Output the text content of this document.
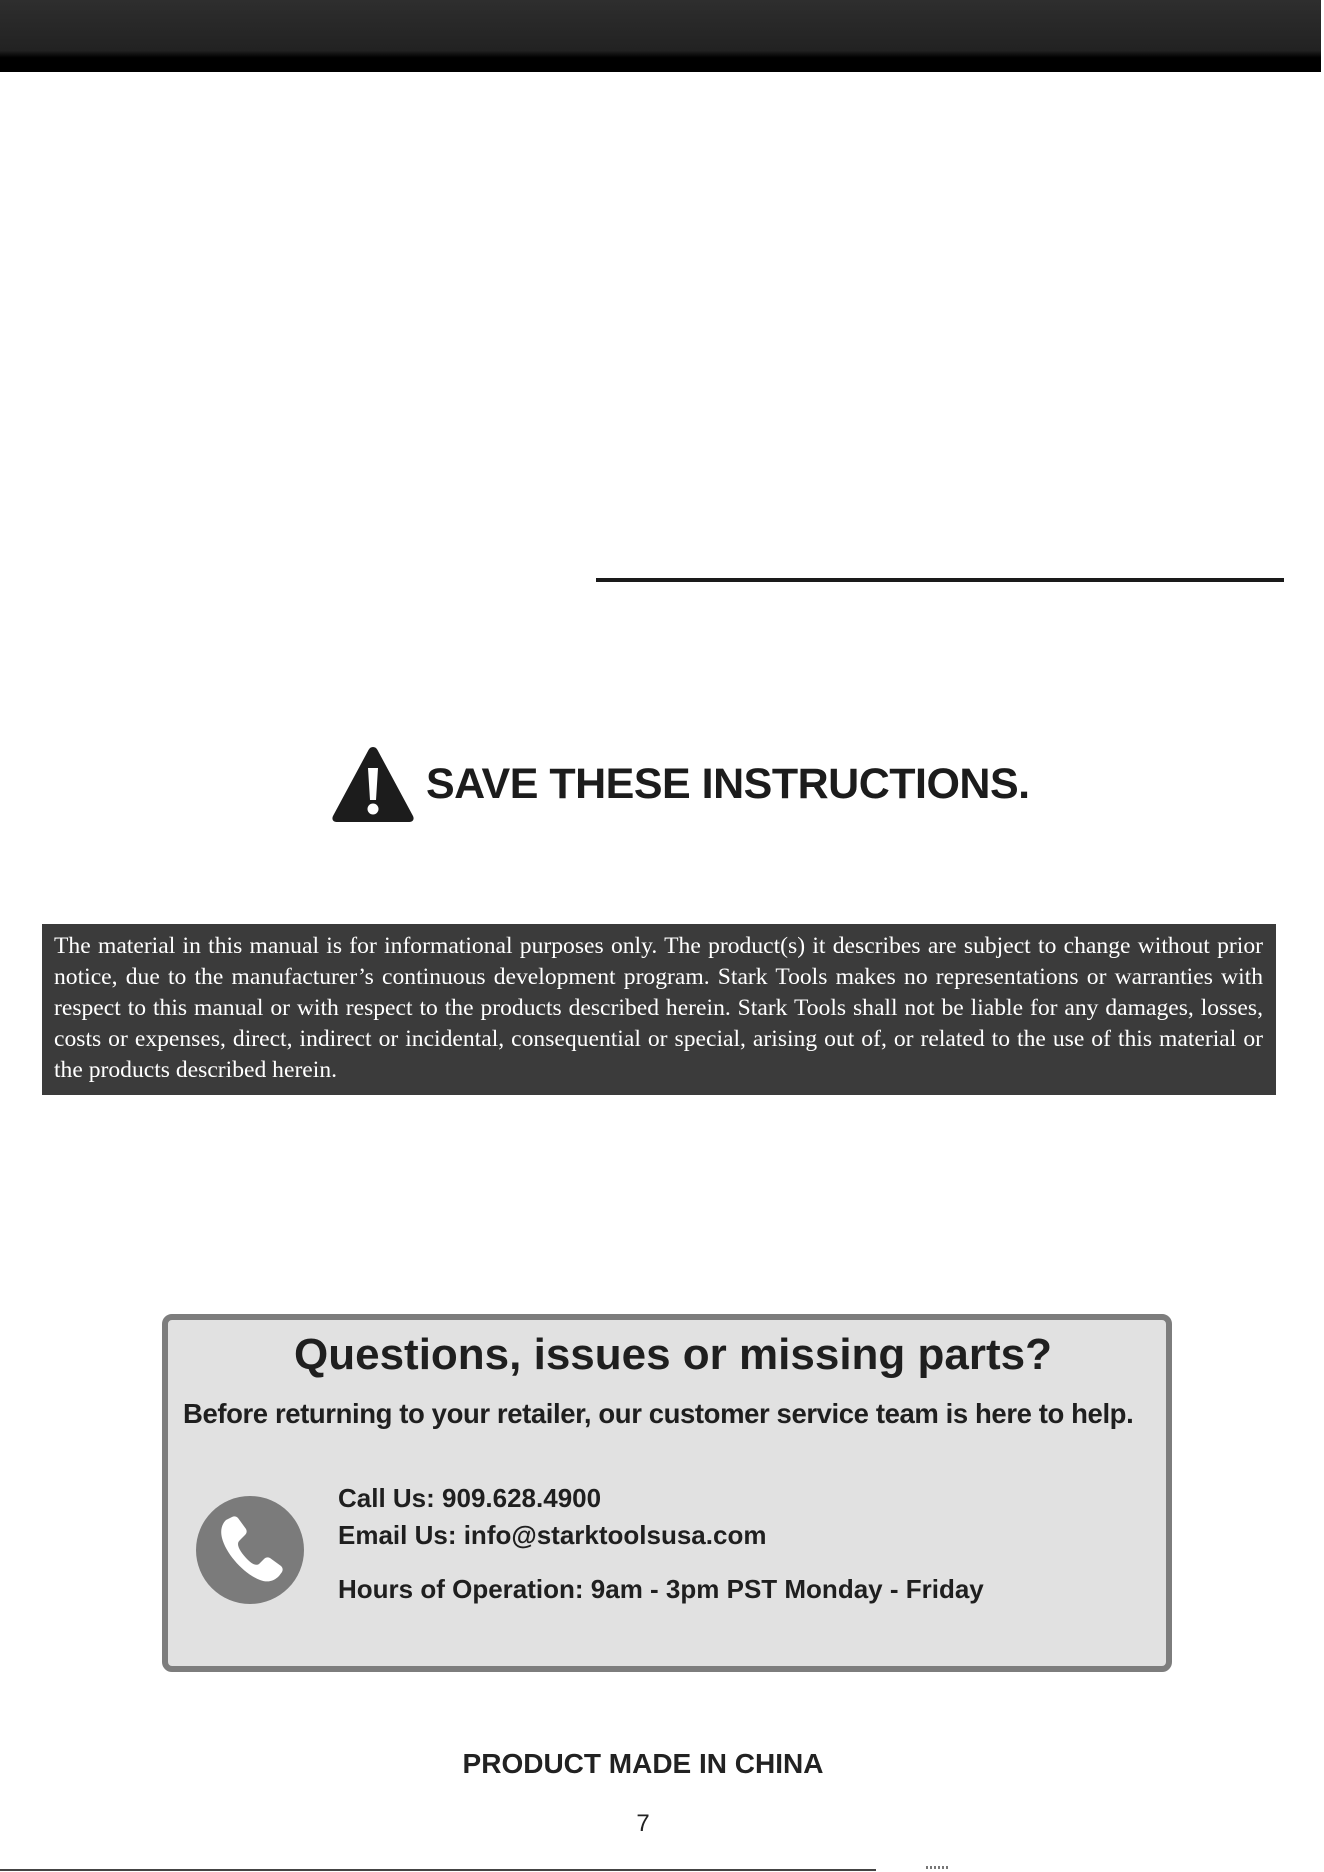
SAVE THESE INSTRUCTIONS.

The material in this manual is for informational purposes only. The product(s) it describes are subject to change without prior notice, due to the manufacturer’s continuous development program. Stark Tools makes no representations or warranties with respect to this manual or with respect to the products described herein. Stark Tools shall not be liable for any damages, losses, costs or expenses, direct, indirect or incidental, consequential or special, arising out of, or related to the use of this material or the products described herein.

Questions, issues or missing parts?
Before returning to your retailer, our customer service team is here to help.
Call Us: 909.628.4900
Email Us: info@starktoolsusa.com
Hours of Operation: 9am - 3pm PST Monday - Friday
PRODUCT MADE IN CHINA
7
